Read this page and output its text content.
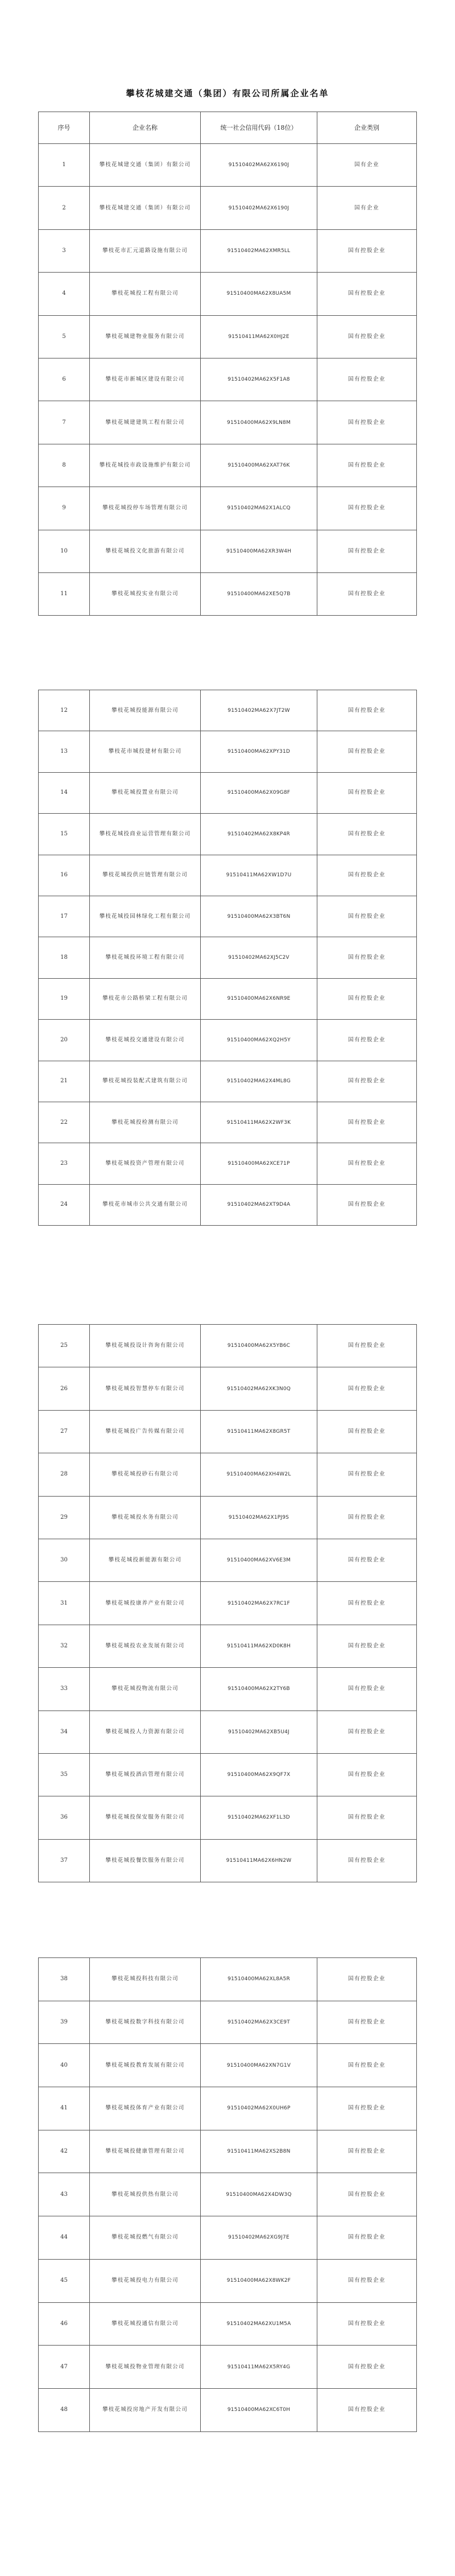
攀枝花城建交通（集团）有限公司所属企业名单
序号	企业名称	统一社会信用代码（18位）	企业类别
1	攀枝花城建交通（集团）有限公司	91510402MA62X6190J	国有企业
2	攀枝花城建交通（集团）有限公司	91510402MA62X6190J	国有企业
3	攀枝花市汇元道路设施有限公司	91510402MA62XMR5LL	国有控股企业
4	攀枝花城投工程有限公司	91510400MA62X8UA5M	国有控股企业
5	攀枝花城建物业服务有限公司	91510411MA62X0HJ2E	国有控股企业
6	攀枝花市新城区建设有限公司	91510402MA62X5F1A8	国有控股企业
7	攀枝花城建建筑工程有限公司	91510400MA62X9LN8M	国有控股企业
8	攀枝花城投市政设施维护有限公司	91510400MA62XAT76K	国有控股企业
9	攀枝花城投停车场管理有限公司	91510402MA62X1ALCQ	国有控股企业
10	攀枝花城投文化旅游有限公司	91510400MA62XR3W4H	国有控股企业
11	攀枝花城投实业有限公司	91510400MA62XE5Q7B	国有控股企业
12	攀枝花城投能源有限公司	91510402MA62X7JT2W	国有控股企业
13	攀枝花市城投建材有限公司	91510400MA62XPY31D	国有控股企业
14	攀枝花城投置业有限公司	91510400MA62X09G8F	国有控股企业
15	攀枝花城投商业运营管理有限公司	91510402MA62X8KP4R	国有控股企业
16	攀枝花城投供应链管理有限公司	91510411MA62XW1D7U	国有控股企业
17	攀枝花城投园林绿化工程有限公司	91510400MA62X3BT6N	国有控股企业
18	攀枝花城投环境工程有限公司	91510402MA62XJ5C2V	国有控股企业
19	攀枝花市公路桥梁工程有限公司	91510400MA62X6NR9E	国有控股企业
20	攀枝花城投交通建设有限公司	91510400MA62XQ2H5Y	国有控股企业
21	攀枝花城投装配式建筑有限公司	91510402MA62X4ML8G	国有控股企业
22	攀枝花城投检测有限公司	91510411MA62X2WF3K	国有控股企业
23	攀枝花城投资产管理有限公司	91510400MA62XCE71P	国有控股企业
24	攀枝花市城市公共交通有限公司	91510402MA62XT9D4A	国有控股企业
25	攀枝花城投设计咨询有限公司	91510400MA62X5YB6C	国有控股企业
26	攀枝花城投智慧停车有限公司	91510402MA62XK3N0Q	国有控股企业
27	攀枝花城投广告传媒有限公司	91510411MA62X8GR5T	国有控股企业
28	攀枝花城投砂石有限公司	91510400MA62XH4W2L	国有控股企业
29	攀枝花城投水务有限公司	91510402MA62X1PJ9S	国有控股企业
30	攀枝花城投新能源有限公司	91510400MA62XV6E3M	国有控股企业
31	攀枝花城投康养产业有限公司	91510402MA62X7RC1F	国有控股企业
32	攀枝花城投农业发展有限公司	91510411MA62XD0K8H	国有控股企业
33	攀枝花城投物流有限公司	91510400MA62X2TY6B	国有控股企业
34	攀枝花城投人力资源有限公司	91510402MA62XB5U4J	国有控股企业
35	攀枝花城投酒店管理有限公司	91510400MA62X9QF7X	国有控股企业
36	攀枝花城投保安服务有限公司	91510402MA62XF1L3D	国有控股企业
37	攀枝花城投餐饮服务有限公司	91510411MA62X6HN2W	国有控股企业
38	攀枝花城投科技有限公司	91510400MA62XL8A5R	国有控股企业
39	攀枝花城投数字科技有限公司	91510402MA62X3CE9T	国有控股企业
40	攀枝花城投教育发展有限公司	91510400MA62XN7G1V	国有控股企业
41	攀枝花城投体育产业有限公司	91510402MA62X0UH6P	国有控股企业
42	攀枝花城投健康管理有限公司	91510411MA62XS2B8N	国有控股企业
43	攀枝花城投供热有限公司	91510400MA62X4DW3Q	国有控股企业
44	攀枝花城投燃气有限公司	91510402MA62XG9J7E	国有控股企业
45	攀枝花城投电力有限公司	91510400MA62X8WK2F	国有控股企业
46	攀枝花城投通信有限公司	91510402MA62XU1M5A	国有控股企业
47	攀枝花城投物业管理有限公司	91510411MA62X5RY4G	国有控股企业
48	攀枝花城投房地产开发有限公司	91510400MA62XC6T0H	国有控股企业
